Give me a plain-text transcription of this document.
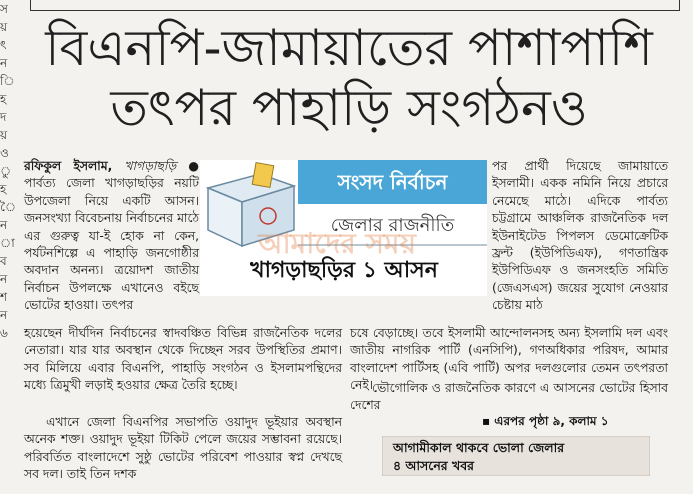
স
য়
ৎ
ন
ি
হ
দ
য়
ও
ু
হ
ৈ
ন
া
ব
ন
শ
ন
৬
বিএনপি-জামায়াতের পাশাপাশি
তৎপর পাহাড়ি সংগঠনও
রফিকুল ইসলাম, খাগড়াছড়ি ● পার্বত্য জেলা খাগড়াছড়ির নয়টি উপজেলা নিয়ে একটি আসন। জনসংখ্যা বিবেচনায় নির্বাচনের মাঠে এর গুরুত্ব যা-ই হোক না কেন, পর্যটনশিল্পে এ পাহাড়ি জনগোষ্ঠীর অবদান অনন্য। ত্রয়োদশ জাতীয় নির্বাচন উপলক্ষে এখানেও বইছে ভোটের হাওয়া। তৎপর
সংসদ নির্বাচন
জেলার রাজনীতি
খাগড়াছড়ির ১ আসন
হয়েছেন দীর্ঘদিন নির্বাচনের স্বাদবঞ্চিত বিভিন্ন রাজনৈতিক দলের নেতারা। যার যার অবস্থান থেকে দিচ্ছেন সরব উপস্থিতির প্রমাণ। সব মিলিয়ে এবার বিএনপি, পাহাড়ি সংগঠন ও ইসলামপন্থিদের মধ্যে ত্রিমুখী লড়াই হওয়ার ক্ষেত্র তৈরি হচ্ছে।
এখানে জেলা বিএনপির সভাপতি ওয়াদুদ ভূইয়ার অবস্থান অনেক শক্ত। ওয়াদুদ ভূইয়া টিকিট পেলে জয়ের সম্ভাবনা রয়েছে। পরিবর্তিত বাংলাদেশে সুষ্ঠু ভোটের পরিবেশ পাওয়ার স্বপ্ন দেখছে সব দল। তাই তিন দশক
পর প্রার্থী দিয়েছে জামায়াতে ইসলামী। একক নমিনি নিয়ে প্রচারে নেমেছে মাঠে। এদিকে পার্বত্য চট্টগ্রামে আঞ্চলিক রাজনৈতিক দল ইউনাইটেড পিপলস ডেমোক্রেটিক ফ্রন্ট (ইউপিডিএফ), গণতান্ত্রিক ইউপিডিএফ ও জনসংহতি সমিতি (জেএসএস) জয়ের সুযোগ নেওয়ার চেষ্টায় মাঠ
চষে বেড়াচ্ছে। তবে ইসলামী আন্দোলনসহ অন্য ইসলামি দল এবং জাতীয় নাগরিক পার্টি (এনসিপি), গণঅধিকার পরিষদ, আমার বাংলাদেশ পার্টিসহ (এবি পার্টি) অপর দলগুলোর তেমন তৎপরতা নেই।
ভৌগোলিক ও রাজনৈতিক কারণে এ আসনের ভোটের হিসাব দেশের
▪ এরপর পৃষ্ঠা ৯, কলাম ১
আগামীকাল থাকবে ভোলা জেলার
৪ আসনের খবর
আমাদের সময়
